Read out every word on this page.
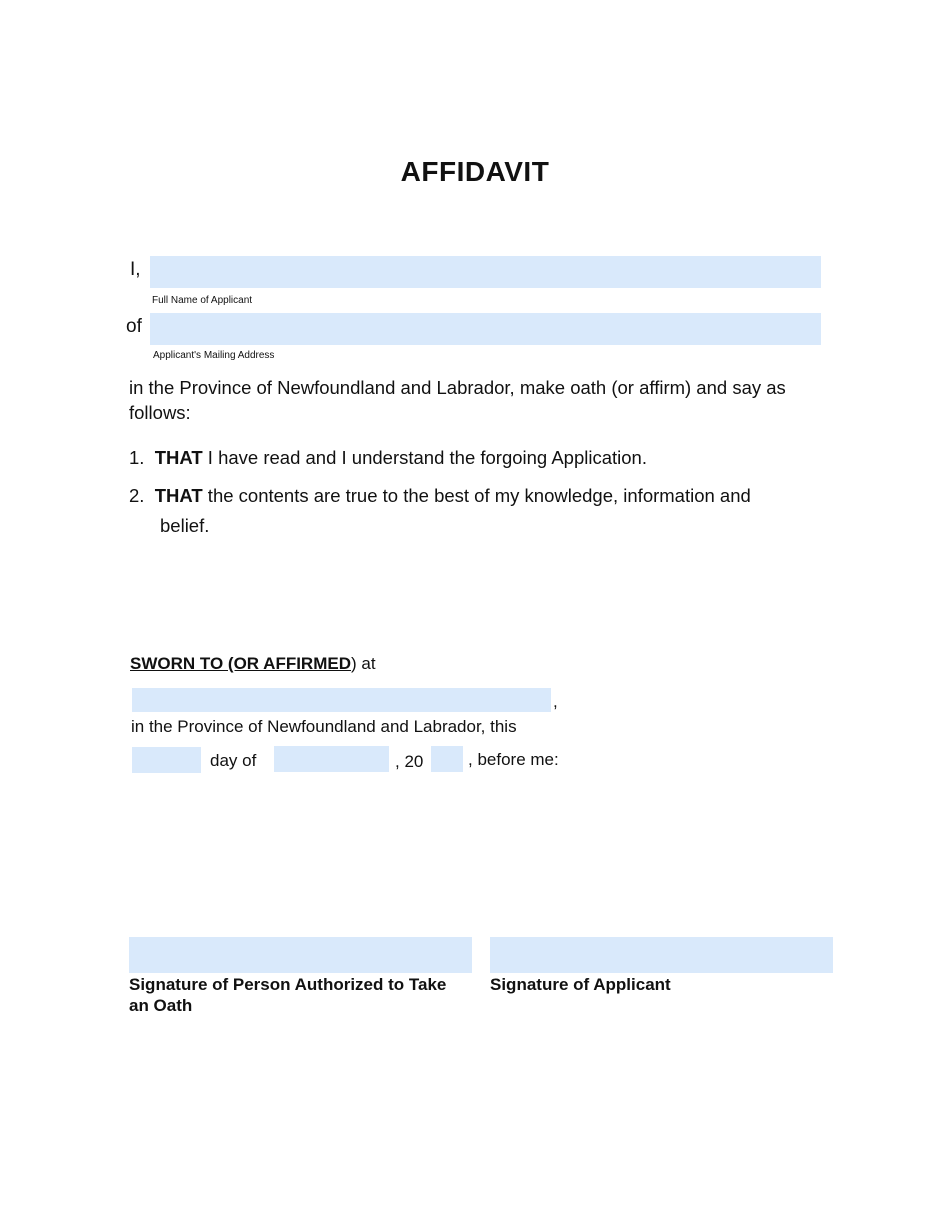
AFFIDAVIT
I,
Full Name of Applicant
of
Applicant's Mailing Address
in the Province of Newfoundland and Labrador, make oath (or affirm) and say as follows:
1. THAT I have read and I understand the forgoing Application.
2. THAT the contents are true to the best of my knowledge, information and
belief.
SWORN TO (OR AFFIRMED) at
,
in the Province of Newfoundland and Labrador, this
day of	, 20	, before me:
Signature of Person Authorized to Take
an Oath
Signature of Applicant
